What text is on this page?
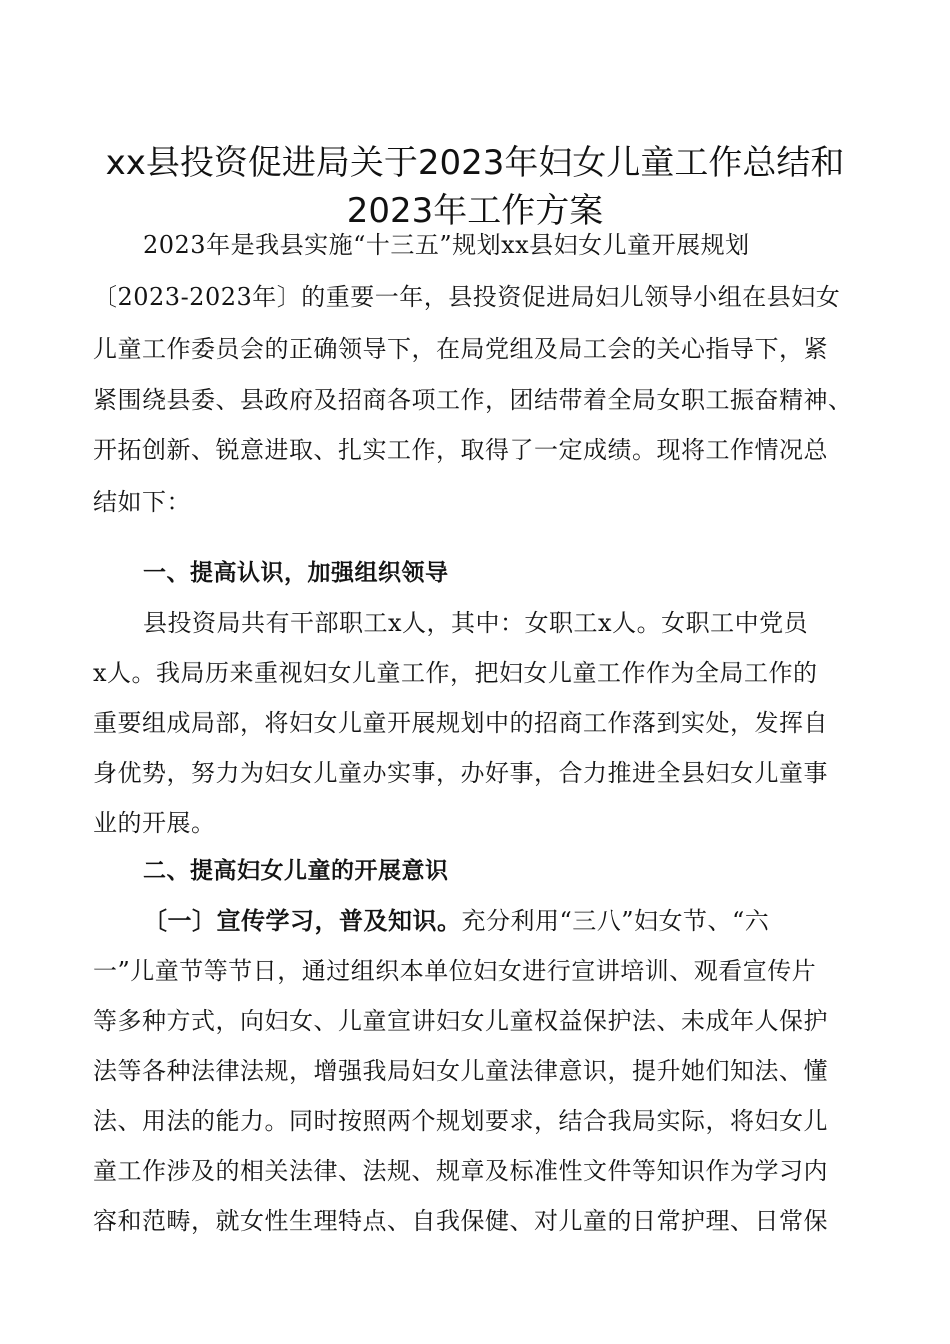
xx县投资促进局关于2023年妇女儿童工作总结和
2023年工作方案
2023年是我县实施“十三五”规划xx县妇女儿童开展规划
〔2023-2023年〕的重要一年，县投资促进局妇儿领导小组在县妇女
儿童工作委员会的正确领导下，在局党组及局工会的关心指导下，紧
紧围绕县委、县政府及招商各项工作，团结带着全局女职工振奋精神、
开拓创新、锐意进取、扎实工作，取得了一定成绩。现将工作情况总
结如下：
一、提高认识，加强组织领导
县投资局共有干部职工x人，其中：女职工x人。女职工中党员
x人。我局历来重视妇女儿童工作，把妇女儿童工作作为全局工作的
重要组成局部，将妇女儿童开展规划中的招商工作落到实处，发挥自
身优势，努力为妇女儿童办实事，办好事，合力推进全县妇女儿童事
业的开展。
二、提高妇女儿童的开展意识
〔一〕宣传学习，普及知识。充分利用“三八”妇女节、“六
一”儿童节等节日，通过组织本单位妇女进行宣讲培训、观看宣传片
等多种方式，向妇女、儿童宣讲妇女儿童权益保护法、未成年人保护
法等各种法律法规，增强我局妇女儿童法律意识，提升她们知法、懂
法、用法的能力。同时按照两个规划要求，结合我局实际，将妇女儿
童工作涉及的相关法律、法规、规章及标准性文件等知识作为学习内
容和范畴，就女性生理特点、自我保健、对儿童的日常护理、日常保
